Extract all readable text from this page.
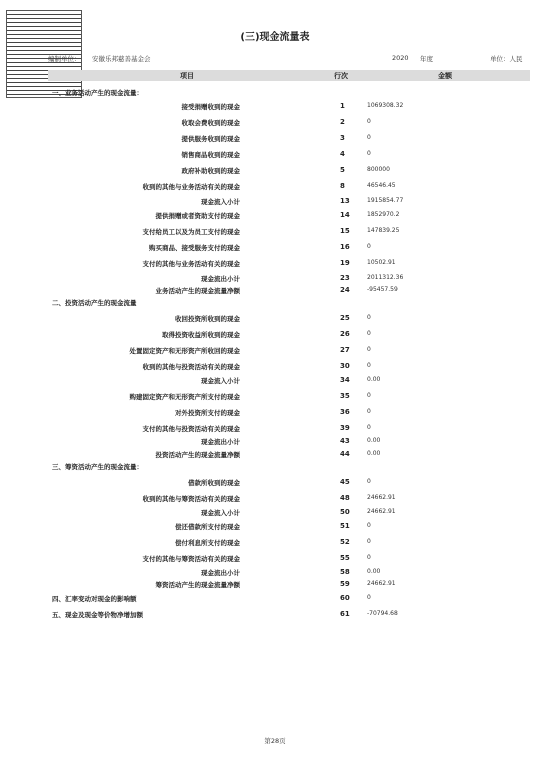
(三)现金流量表
编制单位： 安徽乐邦慈善基金会	2020 年度	单位：人民
项目	行次	金额
一、业务活动产生的现金流量：
接受捐赠收到的现金	1	1069308.32
收取会费收到的现金	2	0
提供服务收到的现金	3	0
销售商品收到的现金	4	0
政府补助收到的现金	5	800000
收到的其他与业务活动有关的现金	8	46546.45
现金流入小计	13	1915854.77
提供捐赠或者资助支付的现金	14	1852970.2
支付给员工以及为员工支付的现金	15	147839.25
购买商品、接受服务支付的现金	16	0
支付的其他与业务活动有关的现金	19	10502.91
现金流出小计	23	2011312.36
业务活动产生的现金流量净额	24	-95457.59
二、投资活动产生的现金流量
收回投资所收到的现金	25	0
取得投资收益所收到的现金	26	0
处置固定资产和无形资产所收回的现金	27	0
收到的其他与投资活动有关的现金	30	0
现金流入小计	34	0.00
购建固定资产和无形资产所支付的现金	35	0
对外投资所支付的现金	36	0
支付的其他与投资活动有关的现金	39	0
现金流出小计	43	0.00
投资活动产生的现金流量净额	44	0.00
三、筹资活动产生的现金流量：
借款所收到的现金	45	0
收到的其他与筹资活动有关的现金	48	24662.91
现金流入小计	50	24662.91
偿还借款所支付的现金	51	0
偿付利息所支付的现金	52	0
支付的其他与筹资活动有关的现金	55	0
现金流出小计	58	0.00
筹资活动产生的现金流量净额	59	24662.91
四、汇率变动对现金的影响额	60	0
五、现金及现金等价物净增加额	61	-70794.68
第28页
